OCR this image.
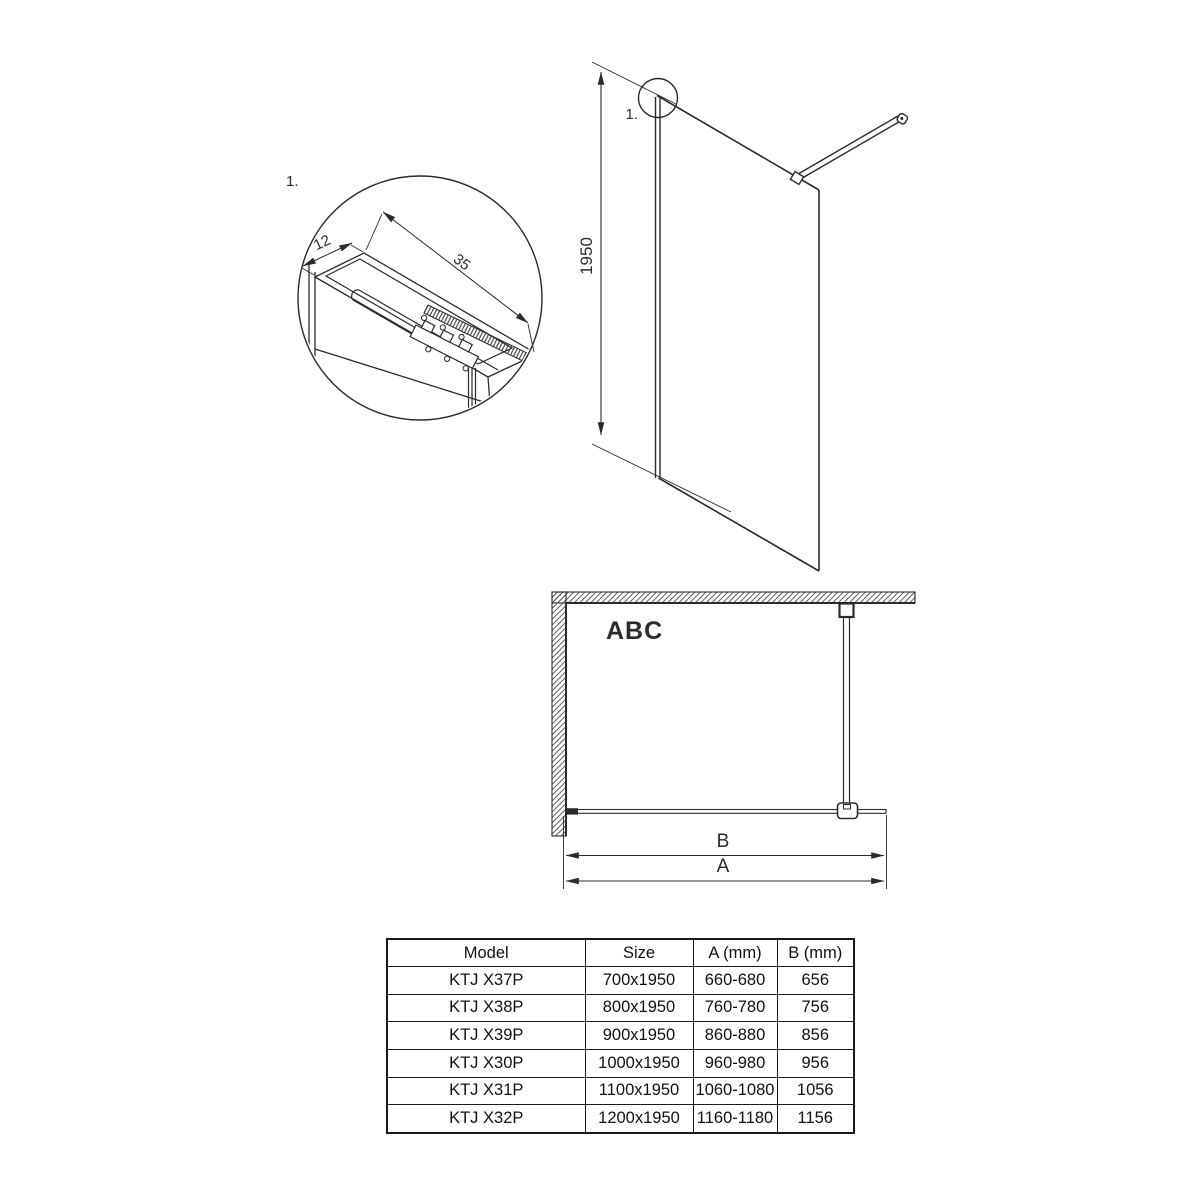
1950
1.
1.
12
35
B
A
ABC
Model	Size	A (mm)	B (mm)
KTJ X37P	700x1950	660-680	656
KTJ X38P	800x1950	760-780	756
KTJ X39P	900x1950	860-880	856
KTJ X30P	1000x1950	960-980	956
KTJ X31P	1100x1950	1060-1080	1056
KTJ X32P	1200x1950	1160-1180	1156
